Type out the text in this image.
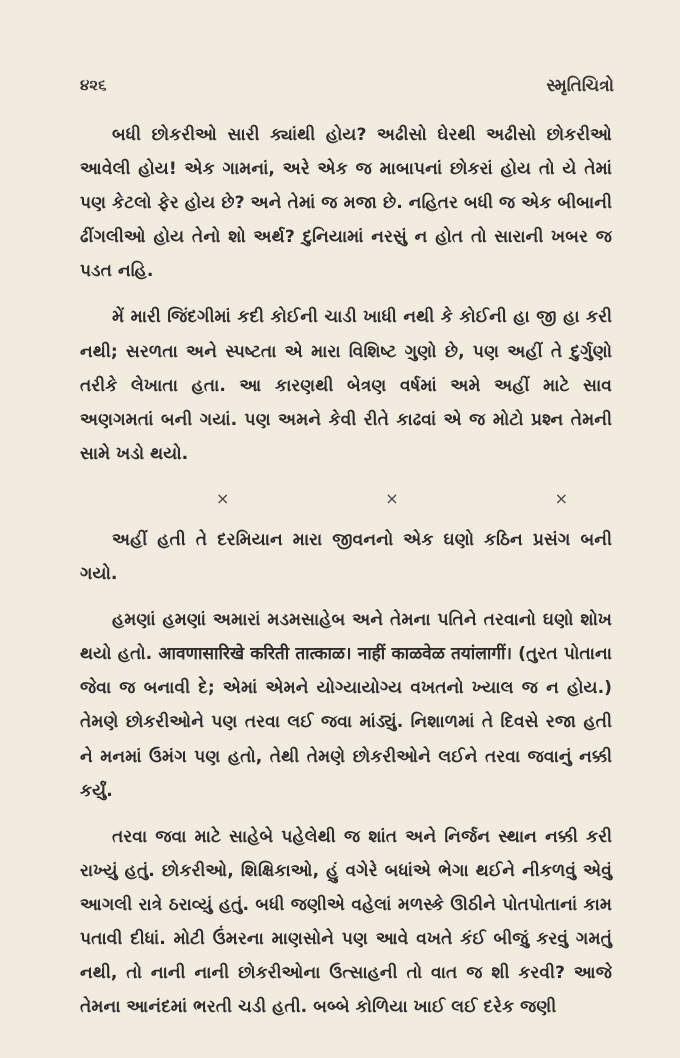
૪૨૬	સ્મૃતિચિત્રો

બધી છોકરીઓ સારી ક્યાંથી હોય? અઢીસો ઘેરથી અઢીસો છોકરીઓ આવેલી હોય! એક ગામનાં, અરે એક જ માબાપનાં છોકરાં હોય તો યે તેમાં પણ કેટલો ફેર હોય છે? અને તેમાં જ મજા છે. નહિતર બધી જ એક બીબાની ઢીંગલીઓ હોય તેનો શો અર્થ? દુનિયામાં નરસું ન હોત તો સારાની ખબર જ પડત નહિ.

મેં મારી જિંદગીમાં કદી કોઈની ચાડી ખાધી નથી કે કોઈની હા જી હા કરી નથી; સરળતા અને સ્પષ્ટતા એ મારા વિશિષ્ટ ગુણો છે, પણ અહીં તે દુર્ગુણો તરીકે લેખાતા હતા. આ કારણથી બેત્રણ વર્ષમાં અમે અહીં માટે સાવ અણગમતાં બની ગયાં. પણ અમને કેવી રીતે કાઢવાં એ જ મોટો પ્રશ્ન તેમની સામે ખડો થયો.

×	×	×

અહીં હતી તે દરમિયાન મારા જીવનનો એક ઘણો કઠિન પ્રસંગ બની ગયો.

હમણાં હમણાં અમારાં મડમસાહેબ અને તેમના પતિને તરવાનો ઘણો શોખ થયો હતો. आवणासारिखे करिती तात्काळ। नाहीं काळवेळ तयांलागीं। (તુરત પોતાના જેવા જ બનાવી દે; એમાં એમને યોગ્યાયોગ્ય વખતનો ખ્યાલ જ ન હોય.) તેમણે છોકરીઓને પણ તરવા લઈ જવા માંડ્યું. નિશાળમાં તે દિવસે રજા હતી ને મનમાં ઉમંગ પણ હતો, તેથી તેમણે છોકરીઓને લઈને તરવા જવાનું નક્કી કર્યું.

તરવા જવા માટે સાહેબે પહેલેથી જ શાંત અને નિર્જન સ્થાન નક્કી કરી રાખ્યું હતું. છોકરીઓ, શિક્ષિકાઓ, હું વગેરે બધાંએ ભેગા થઈને નીકળવું એવું આગલી રાત્રે ઠરાવ્યું હતું. બધી જણીએ વહેલાં મળસ્કે ઊઠીને પોતપોતાનાં કામ પતાવી દીધાં. મોટી ઉંમરના માણસોને પણ આવે વખતે કંઈ બીજું કરવું ગમતું નથી, તો નાની નાની છોકરીઓના ઉત્સાહની તો વાત જ શી કરવી? આજે તેમના આનંદમાં ભરતી ચડી હતી. બબ્બે કોળિયા ખાઈ લઈ દરેક જણી
